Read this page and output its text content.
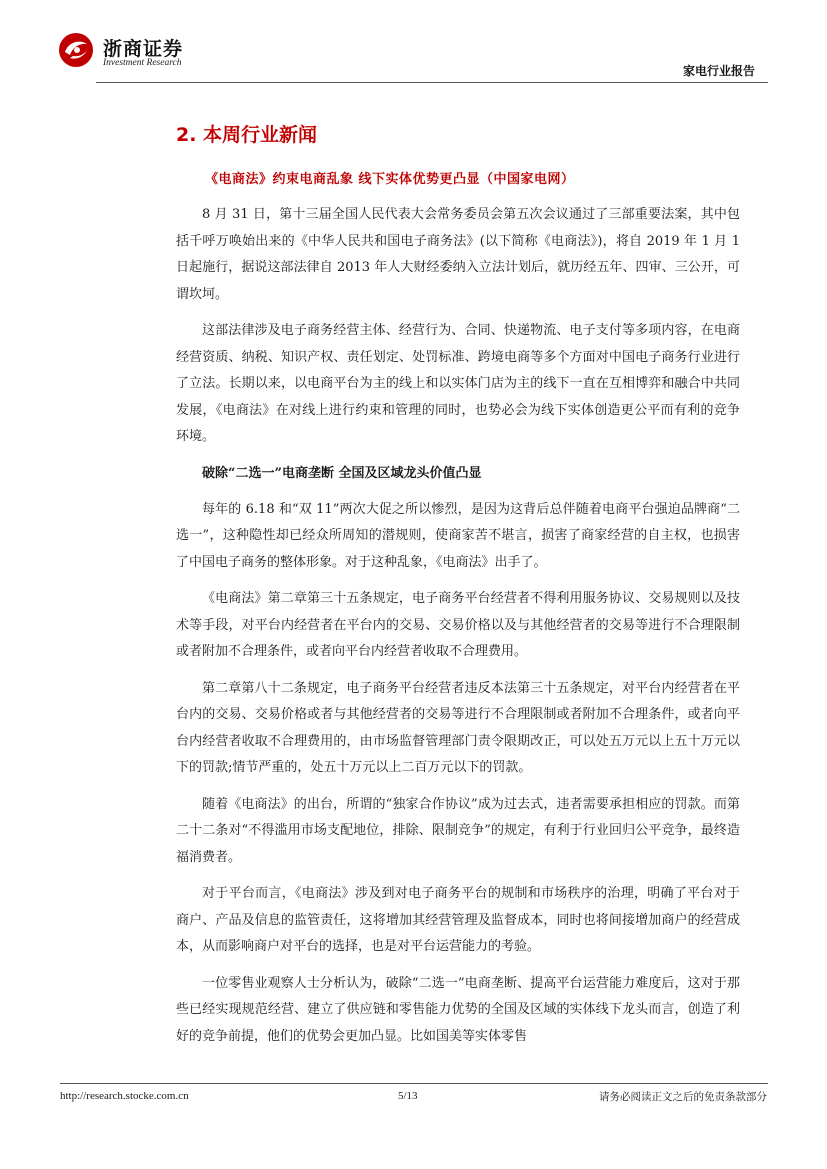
浙商证券
Investment Research
家电行业报告
2. 本周行业新闻
《电商法》约束电商乱象 线下实体优势更凸显（中国家电网）

8 月 31 日，第十三届全国人民代表大会常务委员会第五次会议通过了三部重要法案，其中包括千呼万唤始出来的《中华人民共和国电子商务法》(以下简称《电商法》)，将自 2019 年 1 月 1 日起施行，据说这部法律自 2013 年人大财经委纳入立法计划后，就历经五年、四审、三公开，可谓坎坷。

这部法律涉及电子商务经营主体、经营行为、合同、快递物流、电子支付等多项内容，在电商经营资质、纳税、知识产权、责任划定、处罚标准、跨境电商等多个方面对中国电子商务行业进行了立法。长期以来，以电商平台为主的线上和以实体门店为主的线下一直在互相博弈和融合中共同发展，《电商法》在对线上进行约束和管理的同时，也势必会为线下实体创造更公平而有利的竞争环境。

破除“二选一”电商垄断 全国及区域龙头价值凸显

每年的 6.18 和“双 11”两次大促之所以惨烈，是因为这背后总伴随着电商平台强迫品牌商“二选一”，这种隐性却已经众所周知的潜规则，使商家苦不堪言，损害了商家经营的自主权，也损害了中国电子商务的整体形象。对于这种乱象，《电商法》出手了。

《电商法》第二章第三十五条规定，电子商务平台经营者不得利用服务协议、交易规则以及技术等手段，对平台内经营者在平台内的交易、交易价格以及与其他经营者的交易等进行不合理限制或者附加不合理条件，或者向平台内经营者收取不合理费用。

第二章第八十二条规定，电子商务平台经营者违反本法第三十五条规定，对平台内经营者在平台内的交易、交易价格或者与其他经营者的交易等进行不合理限制或者附加不合理条件，或者向平台内经营者收取不合理费用的，由市场监督管理部门责令限期改正，可以处五万元以上五十万元以下的罚款;情节严重的，处五十万元以上二百万元以下的罚款。

随着《电商法》的出台，所谓的“独家合作协议”成为过去式，违者需要承担相应的罚款。而第二十二条对“不得滥用市场支配地位，排除、限制竞争”的规定，有利于行业回归公平竞争，最终造福消费者。

对于平台而言，《电商法》涉及到对电子商务平台的规制和市场秩序的治理，明确了平台对于商户、产品及信息的监管责任，这将增加其经营管理及监督成本，同时也将间接增加商户的经营成本，从而影响商户对平台的选择，也是对平台运营能力的考验。

一位零售业观察人士分析认为，破除“二选一”电商垄断、提高平台运营能力难度后，这对于那些已经实现规范经营、建立了供应链和零售能力优势的全国及区域的实体线下龙头而言，创造了利好的竞争前提，他们的优势会更加凸显。比如国美等实体零售

http://research.stocke.com.cn	5/13	请务必阅读正文之后的免责条款部分
